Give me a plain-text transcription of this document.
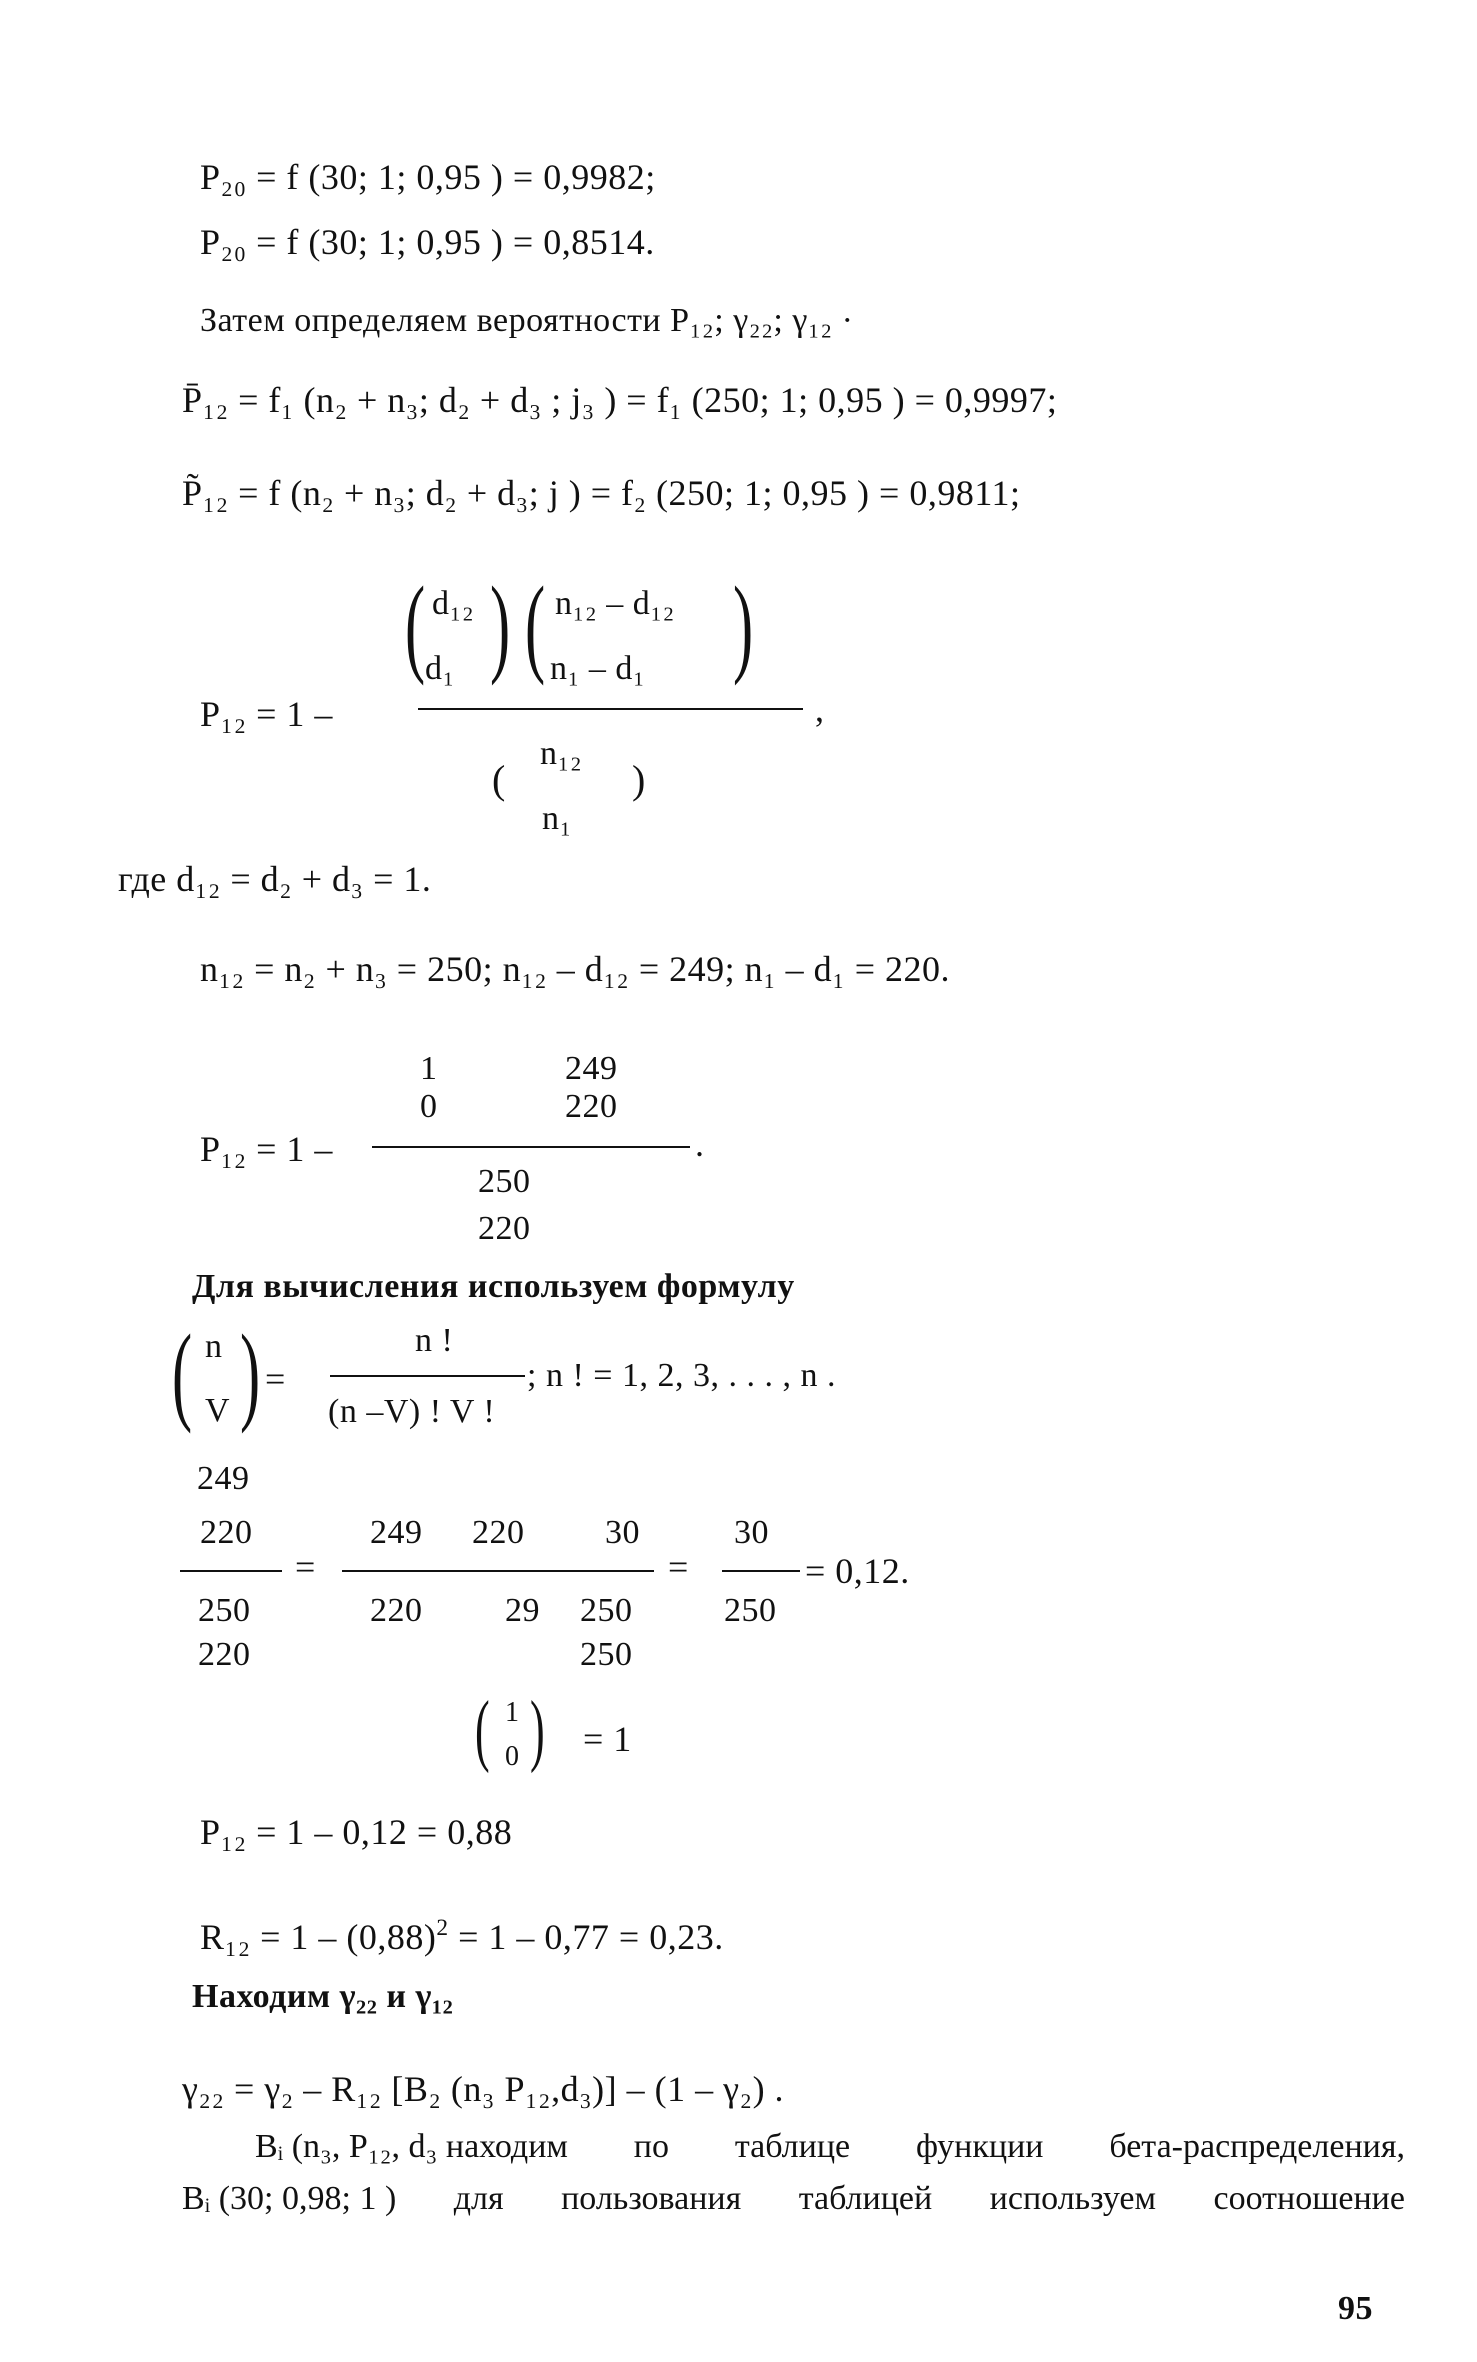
P₂₀ = f (30; 1; 0,95 ) = 0,9982;
P₂₀ = f (30; 1; 0,95 ) = 0,8514.
Затем определяем вероятности P₁₂; γ₂₂; γ₁₂ ·
P̄₁₂ = f₁ (n₂ + n₃; d₂ + d₃ ; j₃ ) = f₁ (250; 1; 0,95 ) = 0,9997;
P̃₁₂ = f (n₂ + n₃; d₂ + d₃; j ) = f₂ (250; 1; 0,95 ) = 0,9811;
P₁₂ = 1 –
( d₁₂
d₁ ) ( n₁₂ – d₁₂
n₁ – d₁ )
,
(
n₁₂
n₁
)
где d₁₂ = d₂ + d₃ = 1.
n₁₂ = n₂ + n₃ = 250; n₁₂ – d₁₂ = 249; n₁ – d₁ = 220.
1	249
0	220
P₁₂ = 1 –	.
250
220
Для вычисления используем формулу
( n
V ) =
n !
(n –V) ! V !
; n ! = 1, 2, 3, . . . , n .
249
220
250
220
=
249 220 30
220 29 250
250
=
30
250
= 0,12.
( 1
0 ) = 1
P₁₂ = 1 – 0,12 = 0,88
$R_{12} = 1 - (0,88)^2 = 1 - 0,77 = 0,23$.
Находим γ₂₂ и γ₁₂
γ₂₂ = γ₂ – R₁₂ [B₂ (n₃ P₁₂,d₃)] – (1 – γ₂) .
Bᵢ (n₃, P₁₂, d₃ находим по таблице функции бета-распределения,
Bᵢ (30; 0,98; 1 ) для пользования таблицей используем соотношение
95
